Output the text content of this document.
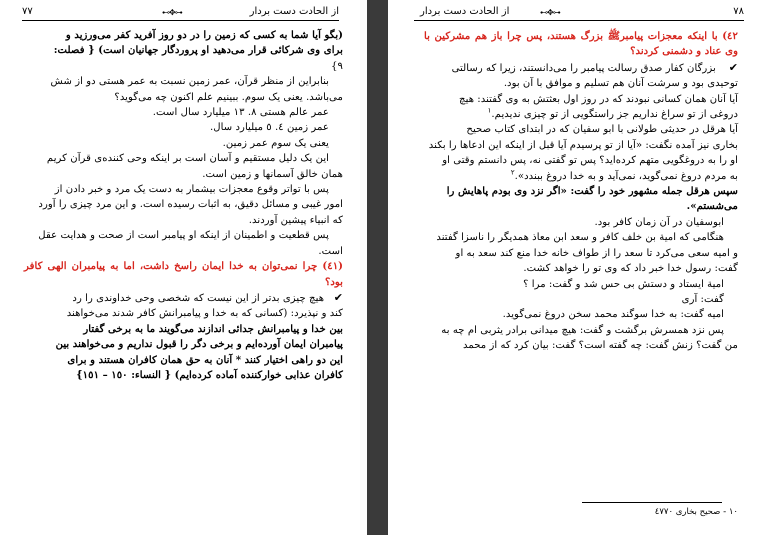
از الحادت دست بردار
⊷✥⊶
٧٧

(بگو آیا شما به کسی که زمین را در دو روز آفرید کفر می‌ورزید و

برای وی شرکائی قرار می‌دهید او پروردگار جهانیان است) { فصلت:

٩}

بنابراین از منظر قرآن، عمر زمین نسبت به عمر هستی دو از شش

می‌باشد. یعنی یک سوم. ببینیم علم اکنون چه می‌گوید؟

عمر عالم هستی ٨. ١٣ میلیارد سال است.

عمر زمین ٤. ٥ میلیارد سال.

یعنی یک سوم عمر زمین.

این یک دلیل مستقیم و آسان است بر اینکه وحی کننده‌ی قرآن کریم

همان خالق آسمانها و زمین است.

پس با تواتر وقوع معجزات بیشمار به دست یک مرد و خبر دادن از

امور غیبی و مسائل دقیق، به اثبات رسیده است. و این مرد چیزی را آورد

که انبیاء پیشین آوردند.

پس قطعیت و اطمینان از اینکه او پیامبر است از صحت و هدایت عقل

است.

(٤١) چرا نمی‌توان به خدا ایمان راسخ داشت، اما به پیامبران الهی کافر بود؟

✔   هیچ چیزی بدتر از این نیست که شخصی وحی خداوندی را رد

کند و نپذیرد: (کسانی که به خدا و پیامبرانش کافر شدند می‌خواهند

بین خدا و پیامبرانش جدائی اندازند می‌گویند ما به برخی گفتار

پیامبران ایمان آورده‌ایم و برخی دگر را قبول نداریم و می‌خواهند بین

این دو راهی اختیار کنند * آنان به حق همان کافران هستند و برای

کافران عذابی خوارکننده آماده کرده‌ایم) { النساء: ١٥٠ – ١٥١}

٧٨
⊷✥⊶
از الحادت دست بردار

٤٢) با اینکه معجزات پیامبرﷺ بزرگ هستند، پس چرا باز هم مشرکین با وی عناد و دشمنی کردند؟

✔    بزرگان کفار صدق رسالت پیامبر را می‌دانستند، زیرا که رسالتی

توحیدی بود و سرشت آنان هم تسلیم و موافق با آن بود.

آیا آنان همان کسانی نبودند که در روز اول بعثتش به وی گفتند: هیچ

دروغی از تو سراغ نداریم جز راستگویی از تو چیزی ندیدیم.$^١$

آیا هرقل در حدیثی طولانی با ابو سفیان که در ابتدای کتاب صحیح

بخاری نیز آمده نگفت: «آیا از تو پرسیدم آیا قبل از اینکه این ادعاها را بکند

او را به دروغگویی متهم کرده‌اید؟ پس تو گفتی نه، پس دانستم وقتی او

به مردم دروغ نمی‌گوید، نمی‌آید و به خدا دروغ ببندد».$^٢$

سپس هرقل جمله مشهور خود را گفت: «اگر نزد وی بودم پاهایش را

می‌شستم».

ابوسفیان در آن زمان کافر بود.

هنگامی که امیة بن خلف کافر و سعد ابن معاذ همدیگر را ناسزا گفتند

و امیه سعی می‌کرد تا سعد را از طواف خانه خدا منع کند سعد به او

گفت: رسول خدا خبر داد که وی تو را خواهد کشت.

امیة ایستاد و دستش بی حس شد و گفت: مرا ؟

گفت: آری

امیه گفت: به خدا سوگند محمد سخن دروغ نمی‌گوید.

پس نزد همسرش برگشت و گفت: هیچ میدانی برادر یثربی ام چه به

من گفت؟ زنش گفت: چه گفته است؟ گفت: بیان کرد که از محمد

١٠ - صحیح بخاری ٤٧٧٠
